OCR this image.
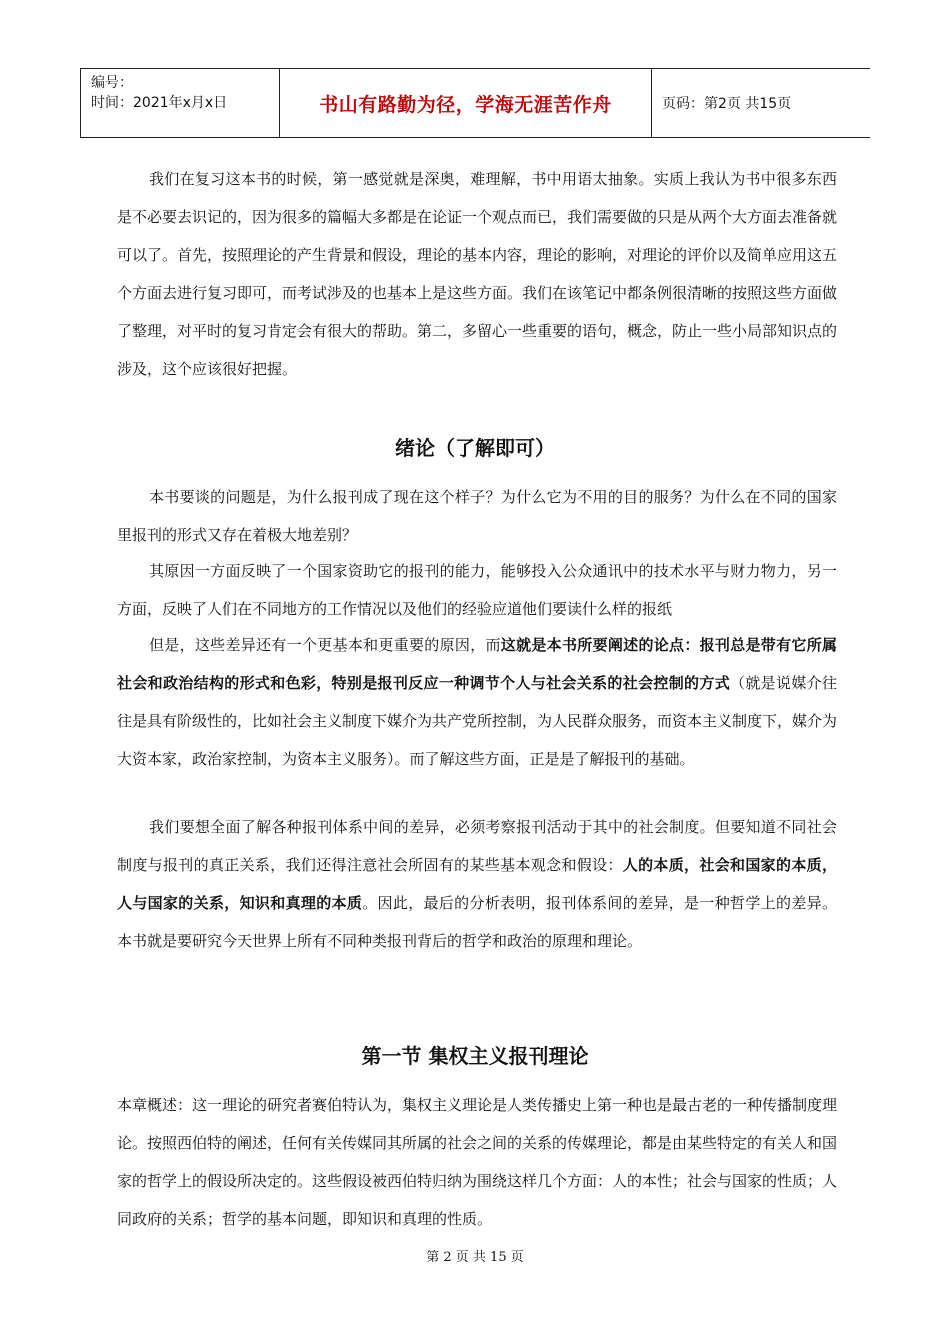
编号：
时间：2021年x月x日	书山有路勤为径，学海无涯苦作舟	页码：第2页 共15页

我们在复习这本书的时候，第一感觉就是深奥，难理解，书中用语太抽象。实质上我认为书中很多东西是不必要去识记的，因为很多的篇幅大多都是在论证一个观点而已，我们需要做的只是从两个大方面去准备就可以了。首先，按照理论的产生背景和假设，理论的基本内容，理论的影响，对理论的评价以及简单应用这五个方面去进行复习即可，而考试涉及的也基本上是这些方面。我们在该笔记中都条例很清晰的按照这些方面做了整理，对平时的复习肯定会有很大的帮助。第二，多留心一些重要的语句，概念，防止一些小局部知识点的涉及，这个应该很好把握。

绪论（了解即可）

本书要谈的问题是，为什么报刊成了现在这个样子？为什么它为不用的目的服务？为什么在不同的国家里报刊的形式又存在着极大地差别？

其原因一方面反映了一个国家资助它的报刊的能力，能够投入公众通讯中的技术水平与财力物力，另一方面，反映了人们在不同地方的工作情况以及他们的经验应道他们要读什么样的报纸

但是，这些差异还有一个更基本和更重要的原因，而这就是本书所要阐述的论点：报刊总是带有它所属社会和政治结构的形式和色彩，特别是报刊反应一种调节个人与社会关系的社会控制的方式（就是说媒介往往是具有阶级性的，比如社会主义制度下媒介为共产党所控制，为人民群众服务，而资本主义制度下，媒介为大资本家，政治家控制，为资本主义服务）。而了解这些方面，正是是了解报刊的基础。

我们要想全面了解各种报刊体系中间的差异，必须考察报刊活动于其中的社会制度。但要知道不同社会制度与报刊的真正关系，我们还得注意社会所固有的某些基本观念和假设：人的本质，社会和国家的本质，人与国家的关系，知识和真理的本质。因此，最后的分析表明，报刊体系间的差异，是一种哲学上的差异。本书就是要研究今天世界上所有不同种类报刊背后的哲学和政治的原理和理论。

第一节 集权主义报刊理论

本章概述：这一理论的研究者赛伯特认为，集权主义理论是人类传播史上第一种也是最古老的一种传播制度理论。按照西伯特的阐述，任何有关传媒同其所属的社会之间的关系的传媒理论，都是由某些特定的有关人和国家的哲学上的假设所决定的。这些假设被西伯特归纳为围绕这样几个方面：人的本性；社会与国家的性质；人同政府的关系；哲学的基本问题，即知识和真理的性质。

第 2 页 共 15 页
